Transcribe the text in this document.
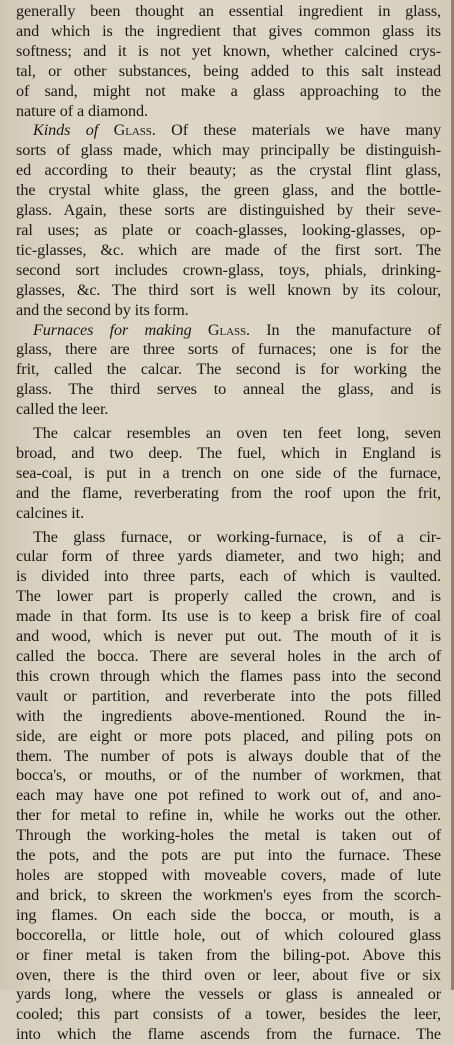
generally been thought an essential ingredient in glass,
and which is the ingredient that gives common glass its
softness; and it is not yet known, whether calcined crys-
tal, or other substances, being added to this salt instead
of sand, might not make a glass approaching to the
nature of a diamond.
Kinds of Glass. Of these materials we have many
sorts of glass made, which may principally be distinguish-
ed according to their beauty; as the crystal flint glass,
the crystal white glass, the green glass, and the bottle-
glass. Again, these sorts are distinguished by their seve-
ral uses; as plate or coach-glasses, looking-glasses, op-
tic-glasses, &c. which are made of the first sort. The
second sort includes crown-glass, toys, phials, drinking-
glasses, &c. The third sort is well known by its colour,
and the second by its form.
Furnaces for making Glass. In the manufacture of
glass, there are three sorts of furnaces; one is for the
frit, called the calcar. The second is for working the
glass. The third serves to anneal the glass, and is
called the leer.
The calcar resembles an oven ten feet long, seven
broad, and two deep. The fuel, which in England is
sea-coal, is put in a trench on one side of the furnace,
and the flame, reverberating from the roof upon the frit,
calcines it.
The glass furnace, or working-furnace, is of a cir-
cular form of three yards diameter, and two high; and
is divided into three parts, each of which is vaulted.
The lower part is properly called the crown, and is
made in that form. Its use is to keep a brisk fire of coal
and wood, which is never put out. The mouth of it is
called the bocca. There are several holes in the arch of
this crown through which the flames pass into the second
vault or partition, and reverberate into the pots filled
with the ingredients above-mentioned. Round the in-
side, are eight or more pots placed, and piling pots on
them. The number of pots is always double that of the
bocca's, or mouths, or of the number of workmen, that
each may have one pot refined to work out of, and ano-
ther for metal to refine in, while he works out the other.
Through the working-holes the metal is taken out of
the pots, and the pots are put into the furnace. These
holes are stopped with moveable covers, made of lute
and brick, to skreen the workmen's eyes from the scorch-
ing flames. On each side the bocca, or mouth, is a
boccorella, or little hole, out of which coloured glass
or finer metal is taken from the biling-pot. Above this
oven, there is the third oven or leer, about five or six
yards long, where the vessels or glass is annealed or
cooled; this part consists of a tower, besides the leer,
into which the flame ascends from the furnace. The
